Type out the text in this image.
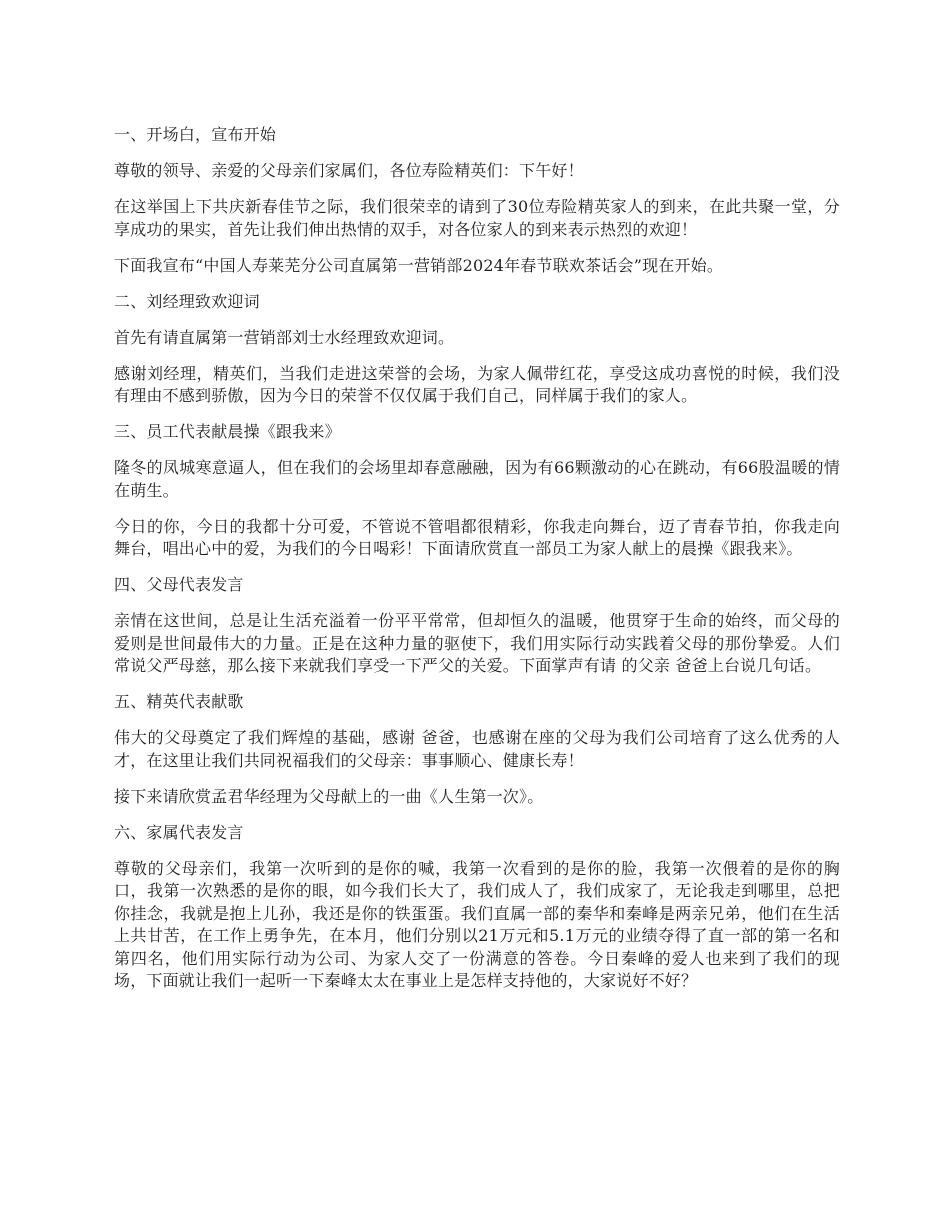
一、开场白，宣布开始

尊敬的领导、亲爱的父母亲们家属们，各位寿险精英们：下午好！

在这举国上下共庆新春佳节之际，我们很荣幸的请到了30位寿险精英家人的到来，在此共聚一堂，分享成功的果实，首先让我们伸出热情的双手，对各位家人的到来表示热烈的欢迎！

下面我宣布“中国人寿莱芜分公司直属第一营销部2024年春节联欢茶话会”现在开始。

二、刘经理致欢迎词

首先有请直属第一营销部刘士水经理致欢迎词。

感谢刘经理，精英们，当我们走进这荣誉的会场，为家人佩带红花，享受这成功喜悦的时候，我们没有理由不感到骄傲，因为今日的荣誉不仅仅属于我们自己，同样属于我们的家人。

三、员工代表献晨操《跟我来》

隆冬的凤城寒意逼人，但在我们的会场里却春意融融，因为有66颗激动的心在跳动，有66股温暖的情在萌生。

今日的你，今日的我都十分可爱，不管说不管唱都很精彩，你我走向舞台，迈了青春节拍，你我走向舞台，唱出心中的爱，为我们的今日喝彩！下面请欣赏直一部员工为家人献上的晨操《跟我来》。

四、父母代表发言

亲情在这世间，总是让生活充溢着一份平平常常，但却恒久的温暖，他贯穿于生命的始终，而父母的爱则是世间最伟大的力量。正是在这种力量的驱使下，我们用实际行动实践着父母的那份挚爱。人们常说父严母慈，那么接下来就我们享受一下严父的关爱。下面掌声有请 的父亲 爸爸上台说几句话。

五、精英代表献歌

伟大的父母奠定了我们辉煌的基础，感谢 爸爸，也感谢在座的父母为我们公司培育了这么优秀的人才，在这里让我们共同祝福我们的父母亲：事事顺心、健康长寿！

接下来请欣赏孟君华经理为父母献上的一曲《人生第一次》。

六、家属代表发言

尊敬的父母亲们，我第一次听到的是你的喊，我第一次看到的是你的脸，我第一次偎着的是你的胸口，我第一次熟悉的是你的眼，如今我们长大了，我们成人了，我们成家了，无论我走到哪里，总把你挂念，我就是抱上儿孙，我还是你的铁蛋蛋。我们直属一部的秦华和秦峰是两亲兄弟，他们在生活上共甘苦，在工作上勇争先，在本月，他们分别以21万元和5.1万元的业绩夺得了直一部的第一名和第四名，他们用实际行动为公司、为家人交了一份满意的答卷。今日秦峰的爱人也来到了我们的现场，下面就让我们一起听一下秦峰太太在事业上是怎样支持他的，大家说好不好？
